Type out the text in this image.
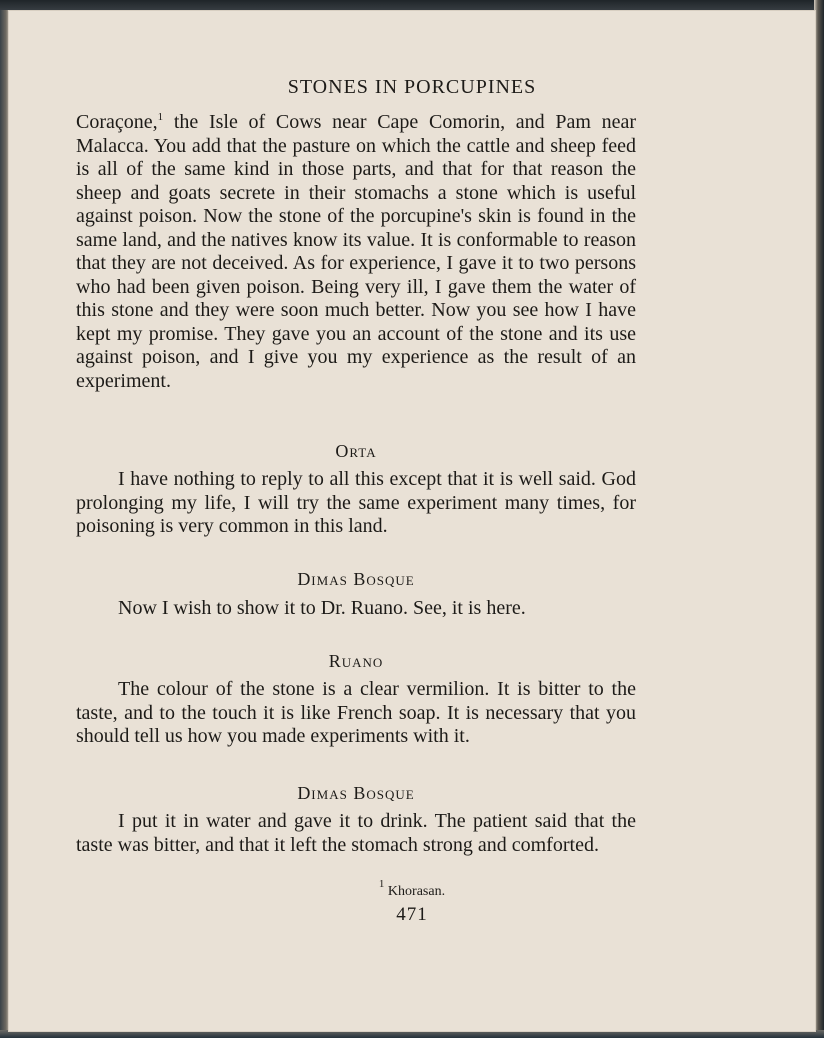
STONES IN PORCUPINES

Coraçone,$^1$ the Isle of Cows near Cape Comorin, and Pam near Malacca. You add that the pasture on which the cattle and sheep feed is all of the same kind in those parts, and that for that reason the sheep and goats secrete in their stomachs a stone which is useful against poison. Now the stone of the porcupine's skin is found in the same land, and the natives know its value. It is conformable to reason that they are not deceived. As for experience, I gave it to two persons who had been given poison. Being very ill, I gave them the water of this stone and they were soon much better. Now you see how I have kept my promise. They gave you an account of the stone and its use against poison, and I give you my experience as the result of an experiment.

Orta

I have nothing to reply to all this except that it is well said. God prolonging my life, I will try the same experiment many times, for poisoning is very common in this land.

Dimas Bosque

Now I wish to show it to Dr. Ruano. See, it is here.

Ruano

The colour of the stone is a clear vermilion. It is bitter to the taste, and to the touch it is like French soap. It is necessary that you should tell us how you made experiments with it.

Dimas Bosque

I put it in water and gave it to drink. The patient said that the taste was bitter, and that it left the stomach strong and comforted.

$^1$ Khorasan.
471
